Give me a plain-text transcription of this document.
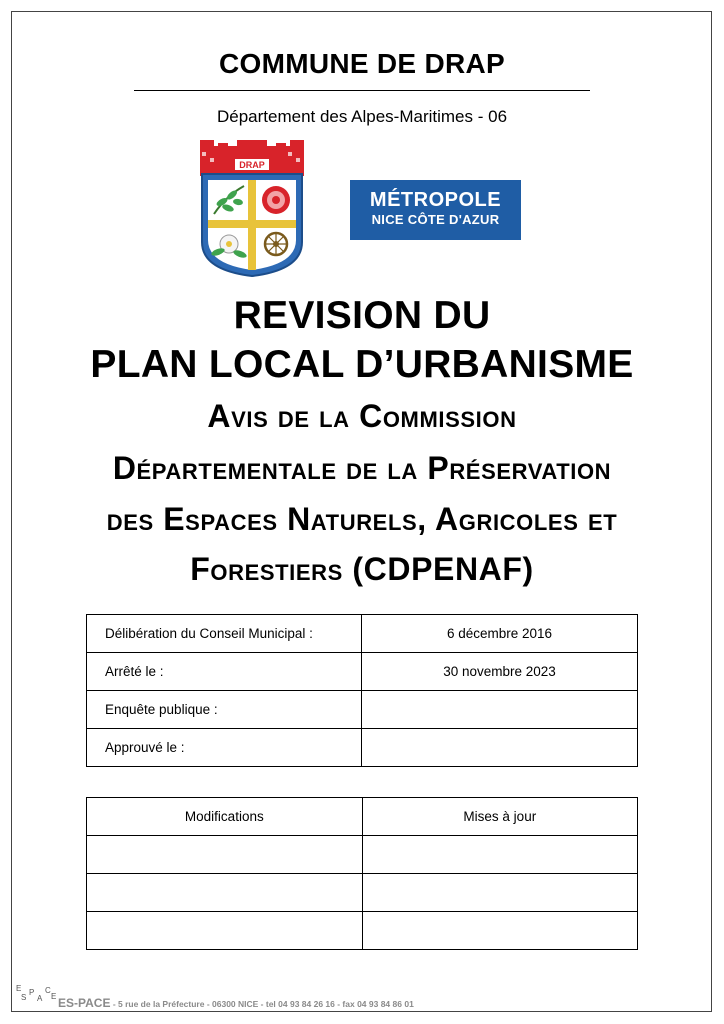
COMMUNE DE DRAP
Département des Alpes-Maritimes - 06
DRAP
MÉTROPOLE
NICE CÔTE D'AZUR
REVISION DU
PLAN LOCAL D’URBANISME
Avis de la Commission
Départementale de la Préservation
des Espaces Naturels, Agricoles et
Forestiers (CDPENAF)
Délibération du Conseil Municipal :	6 décembre 2016
Arrêté le :	30 novembre 2023
Enquête publique :	
Approuvé le :	
Modifications	Mises à jour

E
S
P
A
C
E ES-PACE - 5 rue de la Préfecture - 06300 NICE - tel 04 93 84 26 16 - fax 04 93 84 86 01
